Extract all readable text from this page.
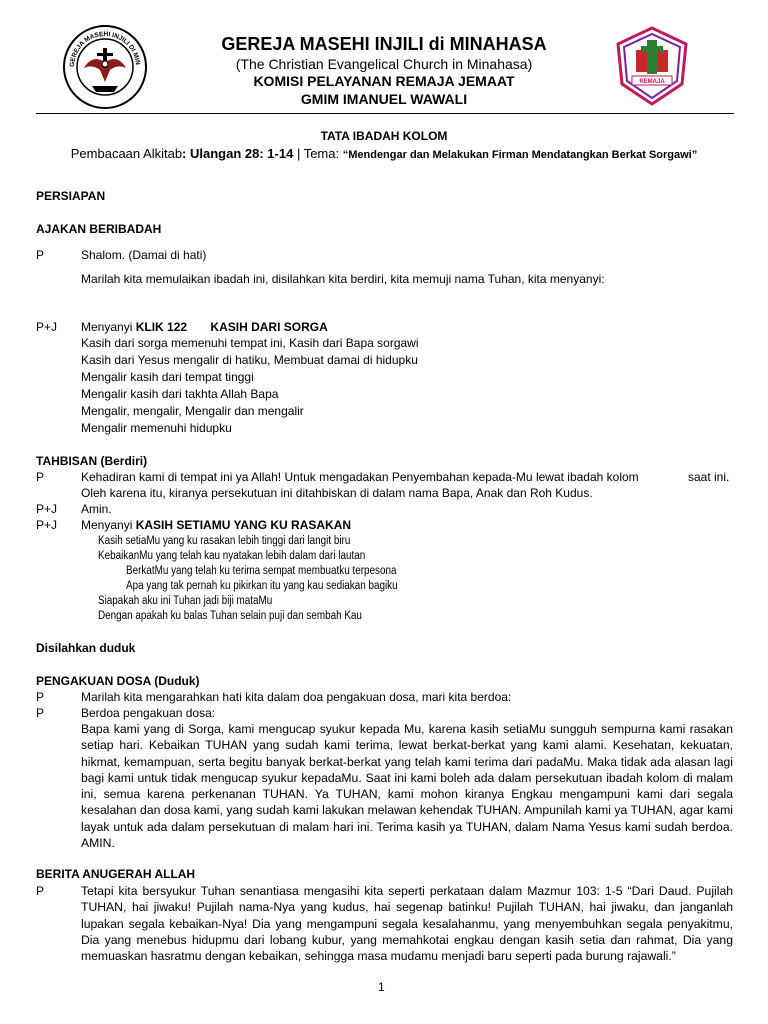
GEREJA MASEHI INJILI DI MIN
REMAJA
GEREJA MASEHI INJILI di MINAHASA
(The Christian Evangelical Church in Minahasa)
KOMISI PELAYANAN REMAJA JEMAAT
GMIM IMANUEL WAWALI
TATA IBADAH KOLOM
Pembacaan Alkitab: Ulangan 28: 1-14 | Tema: “Mendengar dan Melakukan Firman Mendatangkan Berkat Sorgawi”
PERSIAPAN
AJAKAN BERIBADAH
P	Shalom. (Damai di hati)
Marilah kita memulaikan ibadah ini, disilahkan kita berdiri, kita memuji nama Tuhan, kita menyanyi:
P+J Menyanyi KLIK 122 KASIH DARI SORGA
Kasih dari sorga memenuhi tempat ini, Kasih dari Bapa sorgawi
Kasih dari Yesus mengalir di hatiku, Membuat damai di hidupku
Mengalir kasih dari tempat tinggi
Mengalir kasih dari takhta Allah Bapa
Mengalir, mengalir, Mengalir dan mengalir
Mengalir memenuhi hidupku
TAHBISAN (Berdiri)
P	Kehadiran kami di tempat ini ya Allah! Untuk mengadakan Penyembahan kepada-Mu lewat ibadah kolom	saat ini.
Oleh karena itu, kiranya persekutuan ini ditahbiskan di dalam nama Bapa, Anak dan Roh Kudus.
P+J Amin.
P+J Menyanyi KASIH SETIAMU YANG KU RASAKAN
Kasih setiaMu yang ku rasakan lebih tinggi dari langit biru
KebaikanMu yang telah kau nyatakan lebih dalam dari lautan
BerkatMu yang telah ku terima sempat membuatku terpesona
Apa yang tak pernah ku pikirkan itu yang kau sediakan bagiku
Siapakah aku ini Tuhan jadi biji mataMu
Dengan apakah ku balas Tuhan selain puji dan sembah Kau
Disilahkan duduk
PENGAKUAN DOSA (Duduk)
P	Marilah kita mengarahkan hati kita dalam doa pengakuan dosa, mari kita berdoa:
P	Berdoa pengakuan dosa:
Bapa kami yang di Sorga, kami mengucap syukur kepada Mu, karena kasih setiaMu sungguh sempurna kami rasakan setiap hari. Kebaikan TUHAN yang sudah kami terima, lewat berkat-berkat yang kami alami. Kesehatan, kekuatan, hikmat, kemampuan, serta begitu banyak berkat-berkat yang telah kami terima dari padaMu. Maka tidak ada alasan lagi bagi kami untuk tidak mengucap syukur kepadaMu. Saat ini kami boleh ada dalam persekutuan ibadah kolom di malam ini, semua karena perkenanan TUHAN. Ya TUHAN, kami mohon kiranya Engkau mengampuni kami dari segala kesalahan dan dosa kami, yang sudah kami lakukan melawan kehendak TUHAN. Ampunilah kami ya TUHAN, agar kami layak untuk ada dalam persekutuan di malam hari ini. Terima kasih ya TUHAN, dalam Nama Yesus kami sudah berdoa. AMIN.
BERITA ANUGERAH ALLAH
P	Tetapi kita bersyukur Tuhan senantiasa mengasihi kita seperti perkataan dalam Mazmur 103: 1-5 “Dari Daud. Pujilah TUHAN, hai jiwaku! Pujilah nama-Nya yang kudus, hai segenap batinku! Pujilah TUHAN, hai jiwaku, dan janganlah lupakan segala kebaikan-Nya! Dia yang mengampuni segala kesalahanmu, yang menyembuhkan segala penyakitmu, Dia yang menebus hidupmu dari lobang kubur, yang memahkotai engkau dengan kasih setia dan rahmat, Dia yang memuaskan hasratmu dengan kebaikan, sehingga masa mudamu menjadi baru seperti pada burung rajawali.”
1
